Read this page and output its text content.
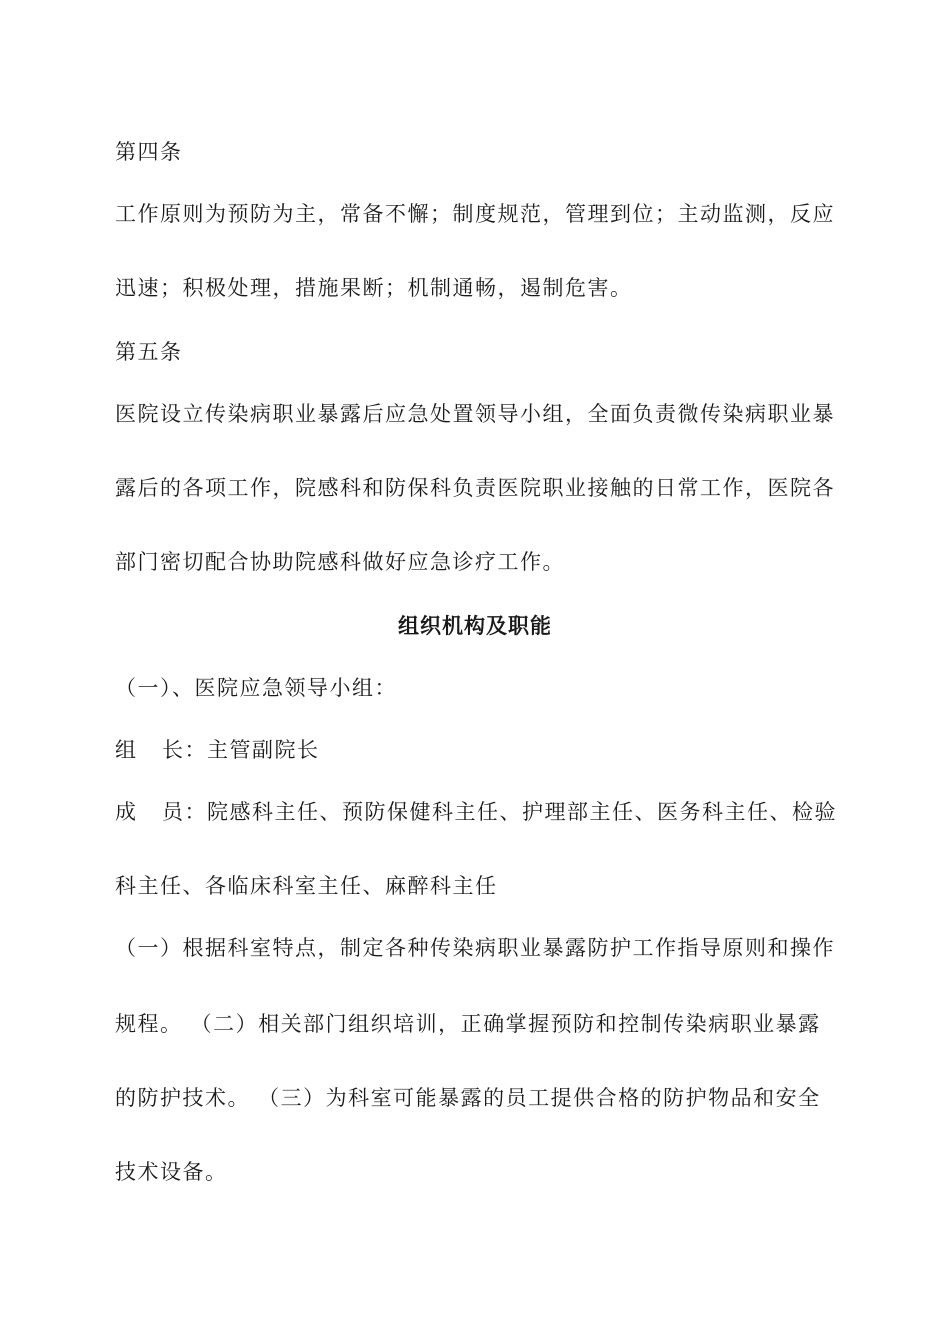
第四条
工作原则为预防为主，常备不懈；制度规范，管理到位；主动监测，反应
迅速；积极处理，措施果断；机制通畅，遏制危害。
第五条
医院设立传染病职业暴露后应急处置领导小组，全面负责微传染病职业暴
露后的各项工作，院感科和防保科负责医院职业接触的日常工作，医院各
部门密切配合协助院感科做好应急诊疗工作。
组织机构及职能
（一）、医院应急领导小组：
组   长：主管副院长
成   员：院感科主任、预防保健科主任、护理部主任、医务科主任、检验
科主任、各临床科室主任、麻醉科主任
（一）根据科室特点，制定各种传染病职业暴露防护工作指导原则和操作
规程。 （二）相关部门组织培训，正确掌握预防和控制传染病职业暴露
的防护技术。 （三）为科室可能暴露的员工提供合格的防护物品和安全
技术设备。
